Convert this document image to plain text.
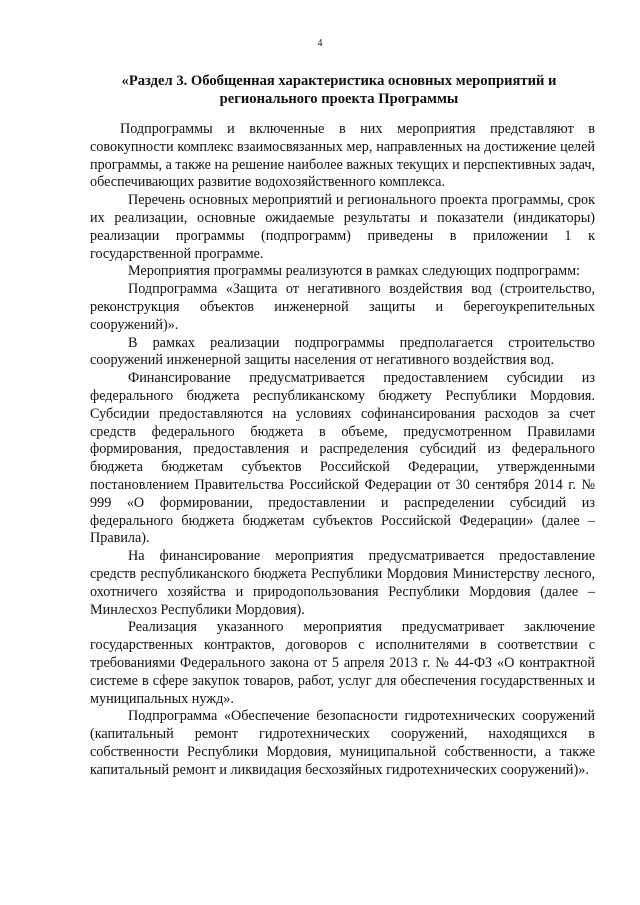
4
«Раздел 3. Обобщенная характеристика основных мероприятий и регионального проекта Программы

Подпрограммы и включенные в них мероприятия представляют в совокупности комплекс взаимосвязанных мер, направленных на достижение целей программы, а также на решение наиболее важных текущих и перспективных задач, обеспечивающих развитие водохозяйственного комплекса.

Перечень основных мероприятий и регионального проекта программы, срок их реализации, основные ожидаемые результаты и показатели (индикаторы) реализации программы (подпрограмм) приведены в приложении 1 к государственной программе.

Мероприятия программы реализуются в рамках следующих подпрограмм:

Подпрограмма «Защита от негативного воздействия вод (строительство, реконструкция объектов инженерной защиты и берегоукрепительных сооружений)».

В рамках реализации подпрограммы предполагается строительство сооружений инженерной защиты населения от негативного воздействия вод.

Финансирование предусматривается предоставлением субсидии из федерального бюджета республиканскому бюджету Республики Мордовия. Субсидии предоставляются на условиях софинансирования расходов за счет средств федерального бюджета в объеме, предусмотренном Правилами формирования, предоставления и распределения субсидий из федерального бюджета бюджетам субъектов Российской Федерации, утвержденными постановлением Правительства Российской Федерации от 30 сентября 2014 г. № 999 «О формировании, предоставлении и распределении субсидий из федерального бюджета бюджетам субъектов Российской Федерации» (далее – Правила).

На финансирование мероприятия предусматривается предоставление средств республиканского бюджета Республики Мордовия Министерству лесного, охотничего хозяйства и природопользования Республики Мордовия (далее – Минлесхоз Республики Мордовия).

Реализация указанного мероприятия предусматривает заключение государственных контрактов, договоров с исполнителями в соответствии с требованиями Федерального закона от 5 апреля 2013 г. № 44-ФЗ «О контрактной системе в сфере закупок товаров, работ, услуг для обеспечения государственных и муниципальных нужд».

Подпрограмма «Обеспечение безопасности гидротехнических сооружений (капитальный ремонт гидротехнических сооружений, находящихся в собственности Республики Мордовия, муниципальной собственности, а также капитальный ремонт и ликвидация бесхозяйных гидротехнических сооружений)».
